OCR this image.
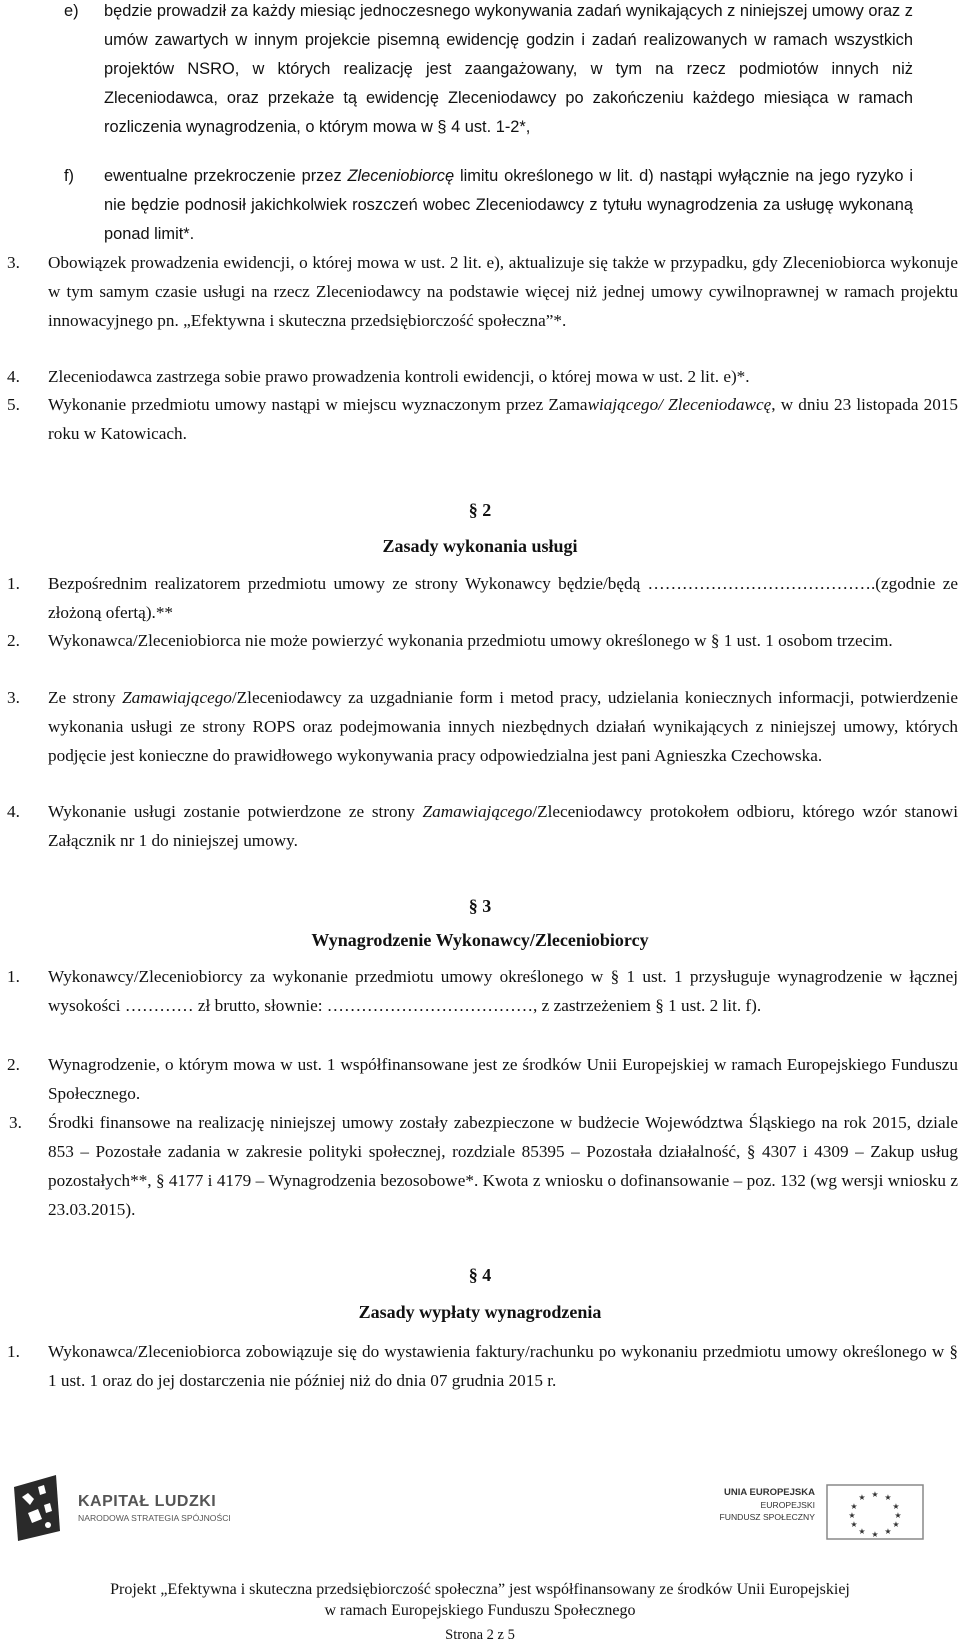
e) będzie prowadził za każdy miesiąc jednoczesnego wykonywania zadań wynikających z niniejszej umowy oraz z umów zawartych w innym projekcie pisemną ewidencję godzin i zadań realizowanych w ramach wszystkich projektów NSRO, w których realizację jest zaangażowany, w tym na rzecz podmiotów innych niż Zleceniodawca, oraz przekaże tą ewidencję Zleceniodawcy po zakończeniu każdego miesiąca w ramach rozliczenia wynagrodzenia, o którym mowa w § 4 ust. 1-2*,
f) ewentualne przekroczenie przez Zleceniobiorcę limitu określonego w lit. d) nastąpi wyłącznie na jego ryzyko i nie będzie podnosił jakichkolwiek roszczeń wobec Zleceniodawcy z tytułu wynagrodzenia za usługę wykonaną ponad limit*.
3. Obowiązek prowadzenia ewidencji, o której mowa w ust. 2 lit. e), aktualizuje się także w przypadku, gdy Zleceniobiorca wykonuje w tym samym czasie usługi na rzecz Zleceniodawcy na podstawie więcej niż jednej umowy cywilnoprawnej w ramach projektu innowacyjnego pn. „Efektywna i skuteczna przedsiębiorczość społeczna”*.
4. Zleceniodawca zastrzega sobie prawo prowadzenia kontroli ewidencji, o której mowa w ust. 2 lit. e)*.
5. Wykonanie przedmiotu umowy nastąpi w miejscu wyznaczonym przez Zamawiającego/ Zleceniodawcę, w dniu 23 listopada 2015 roku w Katowicach.
§ 2
Zasady wykonania usługi
1. Bezpośrednim realizatorem przedmiotu umowy ze strony Wykonawcy będzie/będą ………………………………….(zgodnie ze złożoną ofertą).**
2. Wykonawca/Zleceniobiorca nie może powierzyć wykonania przedmiotu umowy określonego w § 1 ust. 1 osobom trzecim.
3. Ze strony Zamawiającego/Zleceniodawcy za uzgadnianie form i metod pracy, udzielania koniecznych informacji, potwierdzenie wykonania usługi ze strony ROPS oraz podejmowania innych niezbędnych działań wynikających z niniejszej umowy, których podjęcie jest konieczne do prawidłowego wykonywania pracy odpowiedzialna jest pani Agnieszka Czechowska.
4. Wykonanie usługi zostanie potwierdzone ze strony Zamawiającego/Zleceniodawcy protokołem odbioru, którego wzór stanowi Załącznik nr 1 do niniejszej umowy.
§ 3
Wynagrodzenie Wykonawcy/Zleceniobiorcy
1. Wykonawcy/Zleceniobiorcy za wykonanie przedmiotu umowy określonego w § 1 ust. 1 przysługuje wynagrodzenie w łącznej wysokości ………… zł brutto, słownie: ………………………………, z zastrzeżeniem § 1 ust. 2 lit. f).
2. Wynagrodzenie, o którym mowa w ust. 1 współfinansowane jest ze środków Unii Europejskiej w ramach Europejskiego Funduszu Społecznego.
3. Środki finansowe na realizację niniejszej umowy zostały zabezpieczone w budżecie Województwa Śląskiego na rok 2015, dziale 853 – Pozostałe zadania w zakresie polityki społecznej, rozdziale 85395 – Pozostała działalność, § 4307 i 4309 – Zakup usług pozostałych**, § 4177 i 4179 – Wynagrodzenia bezosobowe*. Kwota z wniosku o dofinansowanie – poz. 132 (wg wersji wniosku z 23.03.2015).
§ 4
Zasady wypłaty wynagrodzenia
1. Wykonawca/Zleceniobiorca zobowiązuje się do wystawienia faktury/rachunku po wykonaniu przedmiotu umowy określonego w § 1 ust. 1 oraz do jej dostarczenia nie później niż do dnia 07 grudnia 2015 r.
KAPITAŁ LUDZKI
NARODOWA STRATEGIA SPÓJNOŚCI
UNIA EUROPEJSKA
EUROPEJSKI
FUNDUSZ SPOŁECZNY
★ ★
★
★
★
★
★
★
★
★
★
★
Projekt „Efektywna i skuteczna przedsiębiorczość społeczna” jest współfinansowany ze środków Unii Europejskiej
w ramach Europejskiego Funduszu Społecznego
Strona 2 z 5
